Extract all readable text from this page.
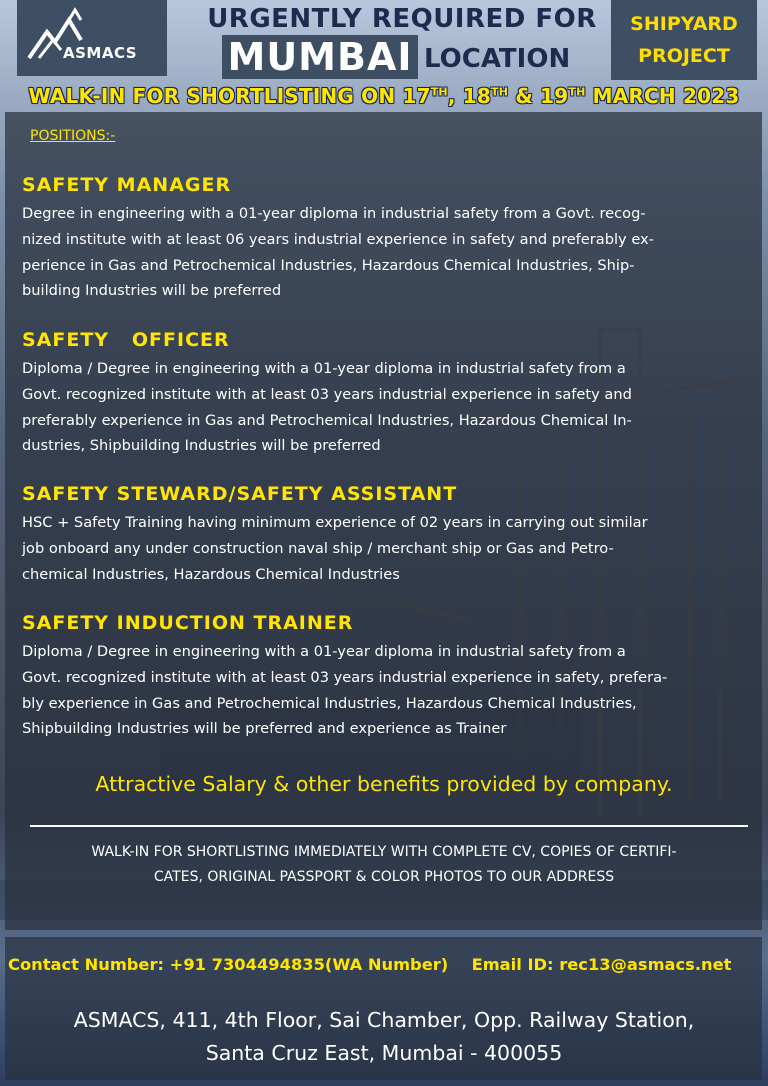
ASMACS
URGENTLY REQUIRED FOR
MUMBAI LOCATION
SHIPYARD
PROJECT
WALK-IN FOR SHORTLISTING ON 17TH, 18TH & 19TH MARCH 2023
POSITIONS:-
SAFETY MANAGER
Degree in engineering with a 01-year diploma in industrial safety from a Govt. recog-
nized institute with at least 06 years industrial experience in safety and preferably ex-
perience in Gas and Petrochemical Industries, Hazardous Chemical Industries, Ship-
building Industries will be preferred
SAFETY   OFFICER
Diploma / Degree in engineering with a 01-year diploma in industrial safety from a
Govt. recognized institute with at least 03 years industrial experience in safety and
preferably experience in Gas and Petrochemical Industries, Hazardous Chemical In-
dustries, Shipbuilding Industries will be preferred
SAFETY STEWARD/SAFETY ASSISTANT
HSC + Safety Training having minimum experience of 02 years in carrying out similar
job onboard any under construction naval ship / merchant ship or Gas and Petro-
chemical Industries, Hazardous Chemical Industries
SAFETY INDUCTION TRAINER
Diploma / Degree in engineering with a 01-year diploma in industrial safety from a
Govt. recognized institute with at least 03 years industrial experience in safety, prefera-
bly experience in Gas and Petrochemical Industries, Hazardous Chemical Industries,
Shipbuilding Industries will be preferred and experience as Trainer
Attractive Salary & other benefits provided by company.
WALK-IN FOR SHORTLISTING IMMEDIATELY WITH COMPLETE CV, COPIES OF CERTIFI-
CATES, ORIGINAL PASSPORT & COLOR PHOTOS TO OUR ADDRESS
Contact Number: +91 7304494835(WA Number) Email ID: rec13@asmacs.net
ASMACS, 411, 4th Floor, Sai Chamber, Opp. Railway Station,
Santa Cruz East, Mumbai - 400055
